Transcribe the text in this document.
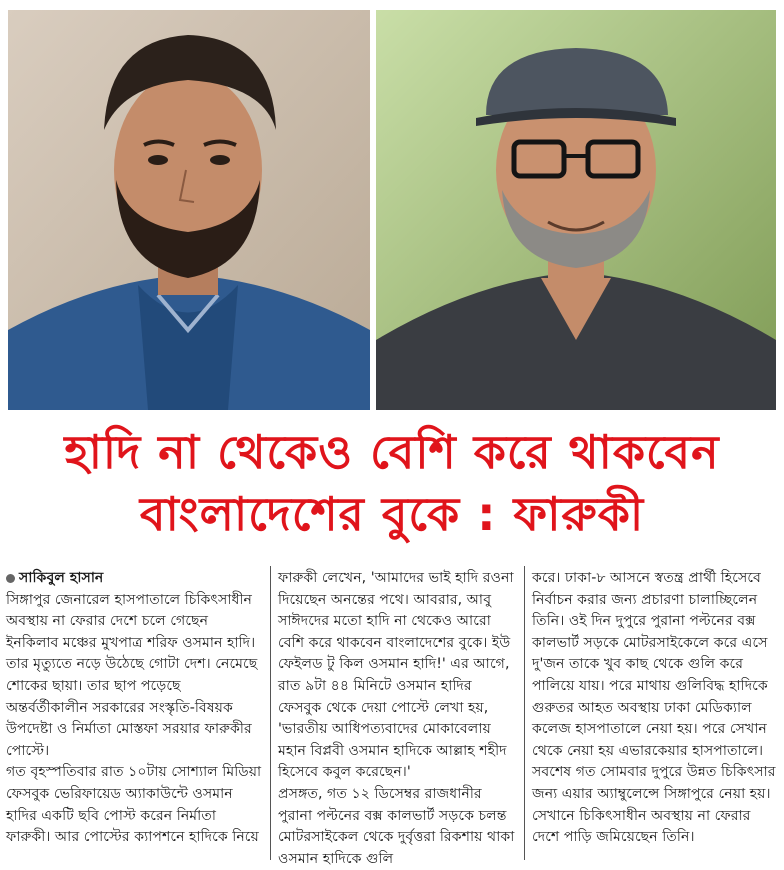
হাদি না থেকেও বেশি করে থাকবেন
বাংলাদেশের বুকে : ফারুকী

সাকিবুল হাসান

সিঙ্গাপুর জেনারেল হাসপাতালে চিকিৎসাধীন অবস্থায় না ফেরার দেশে চলে গেছেন ইনকিলাব মঞ্চের মুখপাত্র শরিফ ওসমান হাদি। তার মৃত্যুতে নড়ে উঠেছে গোটা দেশ। নেমেছে শোকের ছায়া। তার ছাপ পড়েছে অন্তর্বর্তীকালীন সরকারের সংস্কৃতি-বিষয়ক উপদেষ্টা ও নির্মাতা মোস্তফা সরয়ার ফারুকীর পোস্টে।

গত বৃহস্পতিবার রাত ১০টায় সোশ্যাল মিডিয়া ফেসবুক ভেরিফায়েড অ্যাকাউন্টে ওসমান হাদির একটি ছবি পোস্ট করেন নির্মাতা ফারুকী। আর পোস্টের ক্যাপশনে হাদিকে নিয়ে

ফারুকী লেখেন, 'আমাদের ভাই হাদি রওনা দিয়েছেন অনন্তের পথে। আবরার, আবু সাঈদদের মতো হাদি না থেকেও আরো বেশি করে থাকবেন বাংলাদেশের বুকে। ইউ ফেইলড টু কিল ওসমান হাদি!' এর আগে, রাত ৯টা ৪৪ মিনিটে ওসমান হাদির ফেসবুক থেকে দেয়া পোস্টে লেখা হয়, 'ভারতীয় আধিপত্যবাদের মোকাবেলায় মহান বিপ্লবী ওসমান হাদিকে আল্লাহ শহীদ হিসেবে কবুল করেছেন।'

প্রসঙ্গত, গত ১২ ডিসেম্বর রাজধানীর পুরানা পল্টনের বক্স কালভার্ট সড়কে চলন্ত মোটরসাইকেল থেকে দুর্বৃত্তরা রিকশায় থাকা ওসমান হাদিকে গুলি

করে। ঢাকা-৮ আসনে স্বতন্ত্র প্রার্থী হিসেবে নির্বাচন করার জন্য প্রচারণা চালাচ্ছিলেন তিনি। ওই দিন দুপুরে পুরানা পল্টনের বক্স কালভার্ট সড়কে মোটরসাইকেলে করে এসে দু'জন তাকে খুব কাছ থেকে গুলি করে পালিয়ে যায়। পরে মাথায় গুলিবিদ্ধ হাদিকে গুরুতর আহত অবস্থায় ঢাকা মেডিক্যাল কলেজ হাসপাতালে নেয়া হয়। পরে সেখান থেকে নেয়া হয় এভারকেয়ার হাসপাতালে। সবশেষ গত সোমবার দুপুরে উন্নত চিকিৎসার জন্য এয়ার অ্যাম্বুলেন্সে সিঙ্গাপুরে নেয়া হয়। সেখানে চিকিৎসাধীন অবস্থায় না ফেরার দেশে পাড়ি জমিয়েছেন তিনি।
